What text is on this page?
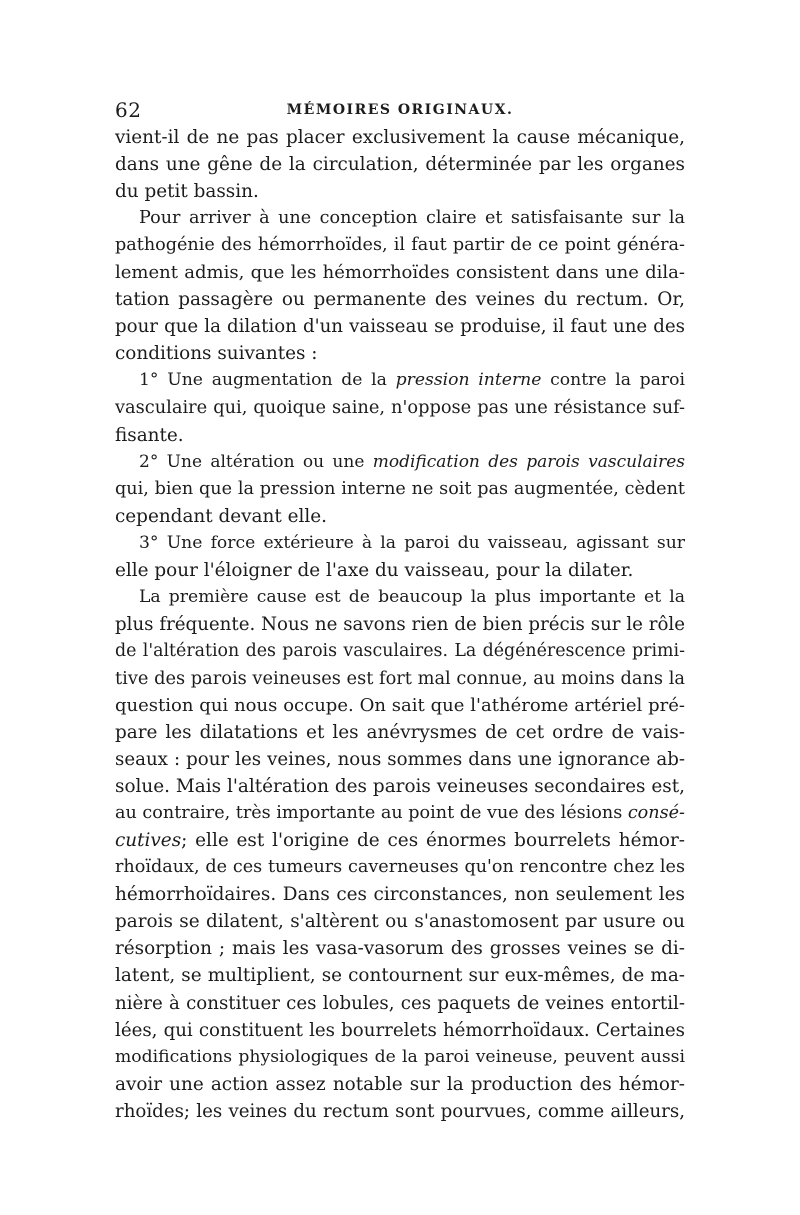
62	MÉMOIRES ORIGINAUX.
vient-il de ne pas placer exclusivement la cause mécanique,
dans une gêne de la circulation, déterminée par les organes
du petit bassin.
Pour arriver à une conception claire et satisfaisante sur la
pathogénie des hémorrhoïdes, il faut partir de ce point généra-
lement admis, que les hémorrhoïdes consistent dans une dila-
tation passagère ou permanente des veines du rectum. Or,
pour que la dilation d'un vaisseau se produise, il faut une des
conditions suivantes :
1° Une augmentation de la pression interne contre la paroi
vasculaire qui, quoique saine, n'oppose pas une résistance suf-
fisante.
2° Une altération ou une modification des parois vasculaires
qui, bien que la pression interne ne soit pas augmentée, cèdent
cependant devant elle.
3° Une force extérieure à la paroi du vaisseau, agissant sur
elle pour l'éloigner de l'axe du vaisseau, pour la dilater.
La première cause est de beaucoup la plus importante et la
plus fréquente. Nous ne savons rien de bien précis sur le rôle
de l'altération des parois vasculaires. La dégénérescence primi-
tive des parois veineuses est fort mal connue, au moins dans la
question qui nous occupe. On sait que l'athérome artériel pré-
pare les dilatations et les anévrysmes de cet ordre de vais-
seaux : pour les veines, nous sommes dans une ignorance ab-
solue. Mais l'altération des parois veineuses secondaires est,
au contraire, très importante au point de vue des lésions consé-
cutives; elle est l'origine de ces énormes bourrelets hémor-
rhoïdaux, de ces tumeurs caverneuses qu'on rencontre chez les
hémorrhoïdaires. Dans ces circonstances, non seulement les
parois se dilatent, s'altèrent ou s'anastomosent par usure ou
résorption ; mais les vasa-vasorum des grosses veines se di-
latent, se multiplient, se contournent sur eux-mêmes, de ma-
nière à constituer ces lobules, ces paquets de veines entortil-
lées, qui constituent les bourrelets hémorrhoïdaux. Certaines
modifications physiologiques de la paroi veineuse, peuvent aussi
avoir une action assez notable sur la production des hémor-
rhoïdes; les veines du rectum sont pourvues, comme ailleurs,
